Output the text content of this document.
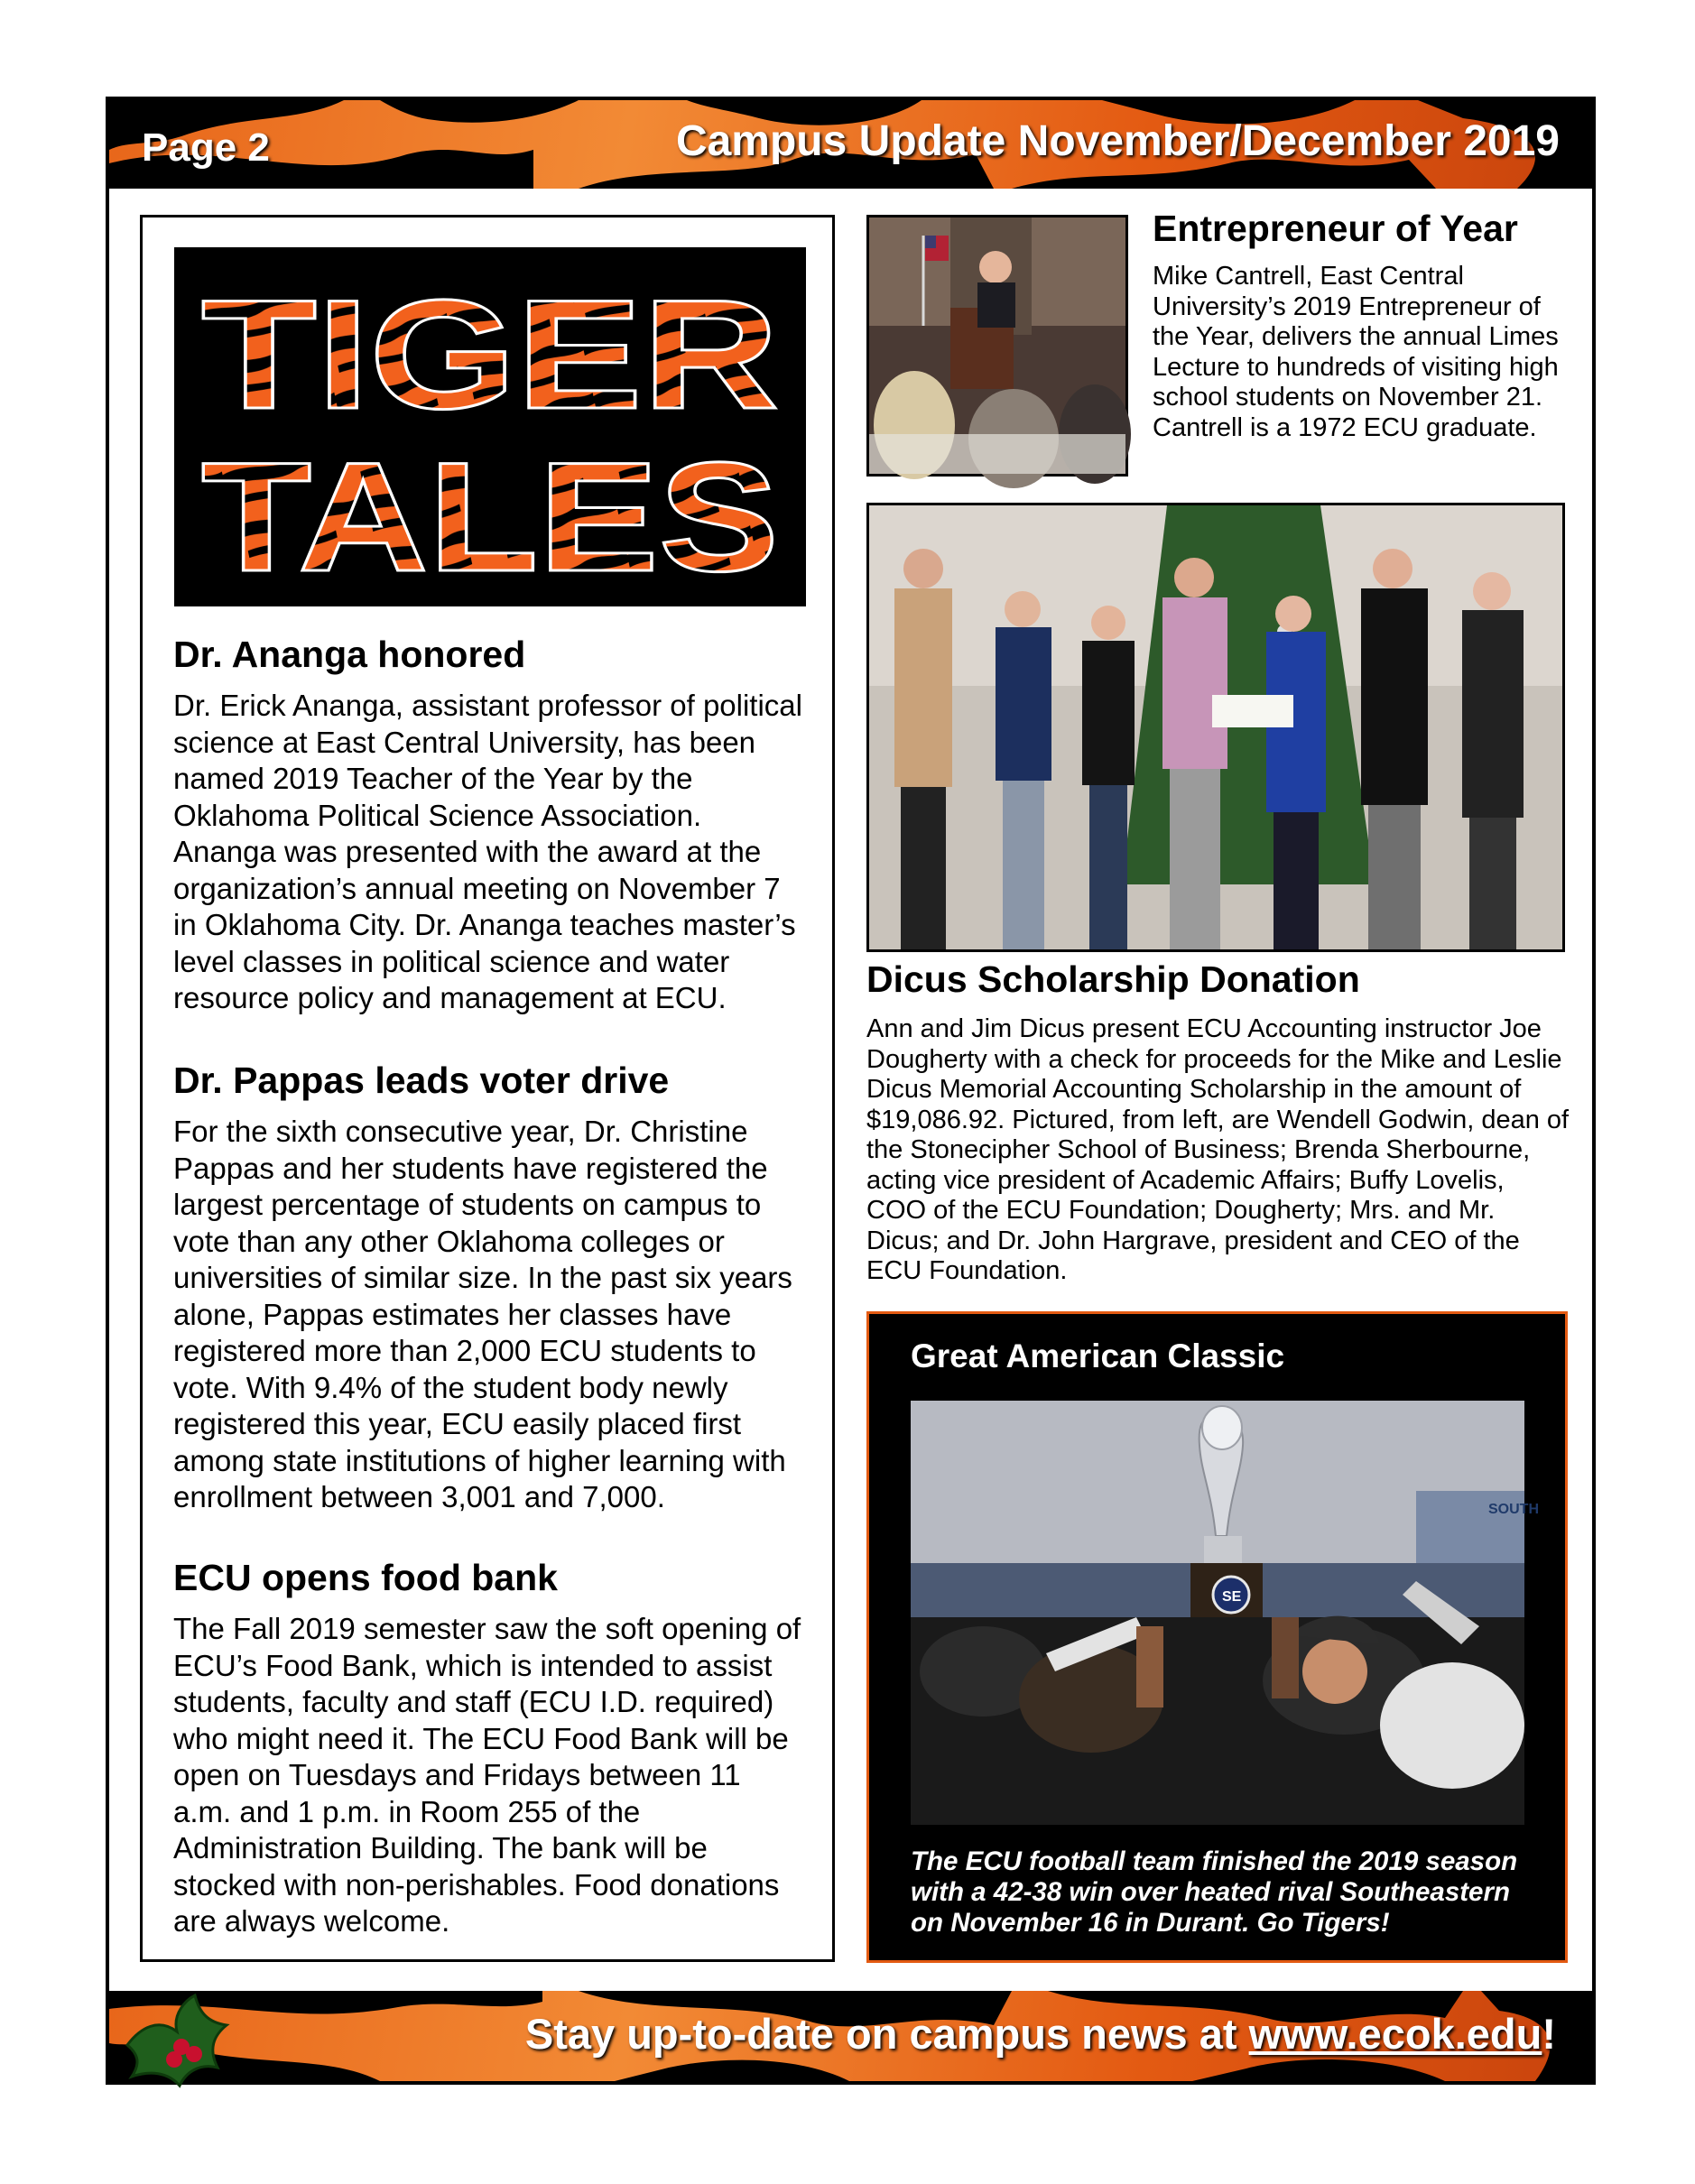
Page 2	Campus Update November/December 2019
Stay up-to-date on campus news at www.ecok.edu!
TIGER
TALES
Dr. Ananga honored

Dr. Erick Ananga, assistant professor of political science at East Central University, has been named 2019 Teacher of the Year by the Oklahoma Political Science Association. Ananga was presented with the award at the organization’s annual meeting on November 7 in Oklahoma City. Dr. Ananga teaches master’s level classes in political science and water resource policy and management at ECU.

Dr. Pappas leads voter drive

For the sixth consecutive year, Dr. Christine Pappas and her students have registered the largest percentage of students on campus to vote than any other Oklahoma colleges or universities of similar size. In the past six years alone, Pappas estimates her classes have registered more than 2,000 ECU students to vote. With 9.4% of the student body newly registered this year, ECU easily placed first among state institutions of higher learning with enrollment between 3,001 and 7,000.

ECU opens food bank

The Fall 2019 semester saw the soft opening of ECU’s Food Bank, which is intended to assist students, faculty and staff (ECU I.D. required) who might need it. The ECU Food Bank will be open on Tuesdays and Fridays between 11 a.m. and 1 p.m. in Room 255 of the Administration Building. The bank will be stocked with non-perishables. Food donations are always welcome.

Entrepreneur of Year

Mike Cantrell, East Central University’s 2019 Entrepreneur of the Year, delivers the annual Limes Lecture to hundreds of visiting high school students on November 21. Cantrell is a 1972 ECU graduate.

Dicus Scholarship Donation

Ann and Jim Dicus present ECU Accounting instructor Joe Dougherty with a check for proceeds for the Mike and Leslie Dicus Memorial Accounting Scholarship in the amount of $19,086.92. Pictured, from left, are Wendell Godwin, dean of the Stonecipher School of Business; Brenda Sherbourne, acting vice president of Academic Affairs; Buffy Lovelis, COO of the ECU Foundation; Dougherty; Mrs. and Mr. Dicus; and Dr. John Hargrave, president and CEO of the ECU Foundation.

Great American Classic
SOUTH
SE

The ECU football team finished the 2019 season with a 42-38 win over heated rival Southeastern on November 16 in Durant. Go Tigers!
